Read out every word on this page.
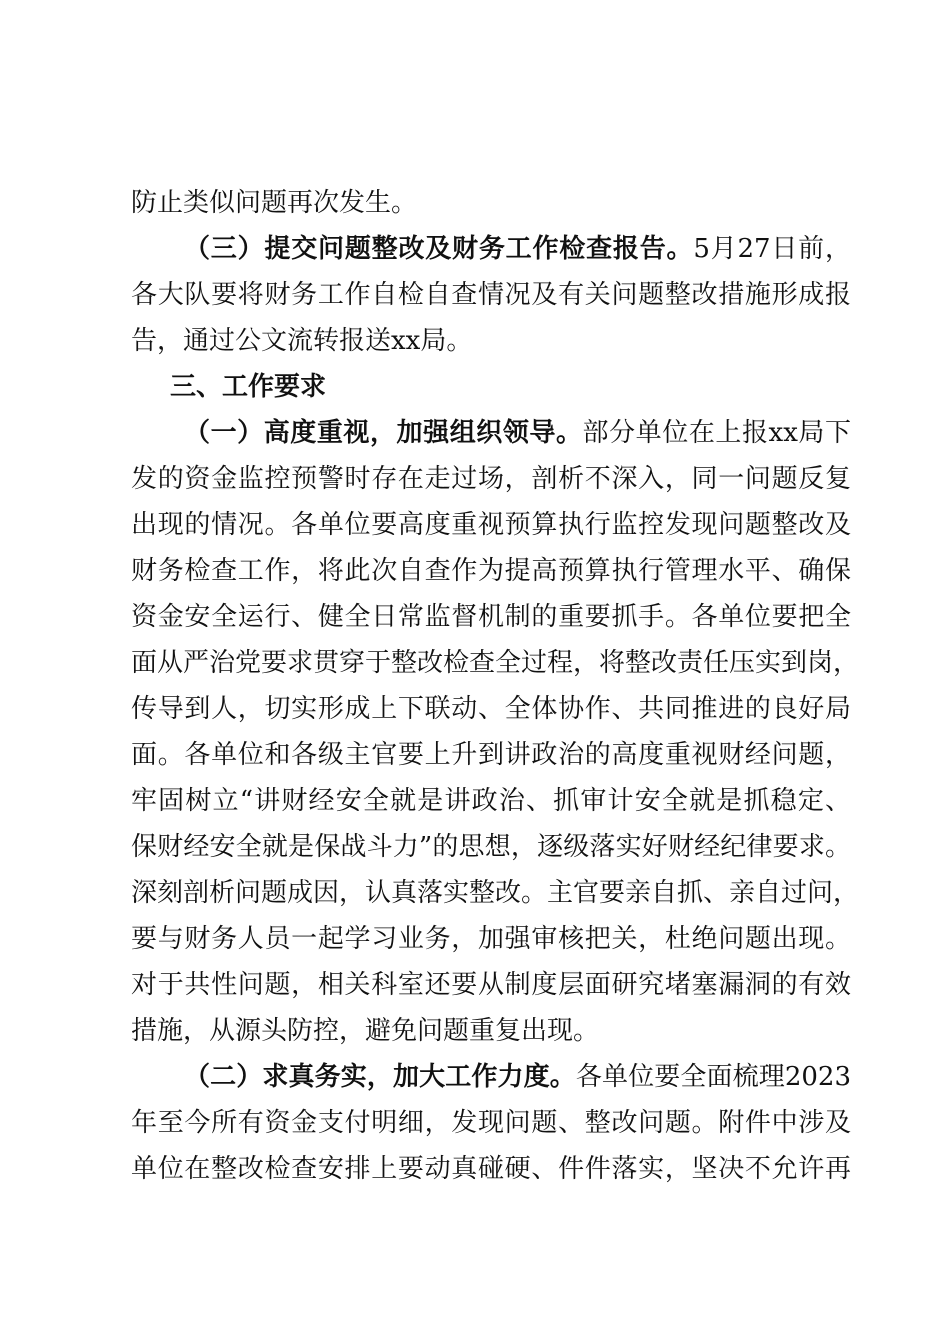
防止类似问题再次发生。
（三）提交问题整改及财务工作检查报告。5月27日前，
各大队要将财务工作自检自查情况及有关问题整改措施形成报
告，通过公文流转报送xx局。
三、工作要求
（一）高度重视，加强组织领导。部分单位在上报xx局下
发的资金监控预警时存在走过场，剖析不深入，同一问题反复
出现的情况。各单位要高度重视预算执行监控发现问题整改及
财务检查工作，将此次自查作为提高预算执行管理水平、确保
资金安全运行、健全日常监督机制的重要抓手。各单位要把全
面从严治党要求贯穿于整改检查全过程，将整改责任压实到岗，
传导到人，切实形成上下联动、全体协作、共同推进的良好局
面。各单位和各级主官要上升到讲政治的高度重视财经问题，
牢固树立“讲财经安全就是讲政治、抓审计安全就是抓稳定、
保财经安全就是保战斗力”的思想，逐级落实好财经纪律要求。
深刻剖析问题成因，认真落实整改。主官要亲自抓、亲自过问，
要与财务人员一起学习业务，加强审核把关，杜绝问题出现。
对于共性问题，相关科室还要从制度层面研究堵塞漏洞的有效
措施，从源头防控，避免问题重复出现。
（二）求真务实，加大工作力度。各单位要全面梳理2023
年至今所有资金支付明细，发现问题、整改问题。附件中涉及
单位在整改检查安排上要动真碰硬、件件落实，坚决不允许再
